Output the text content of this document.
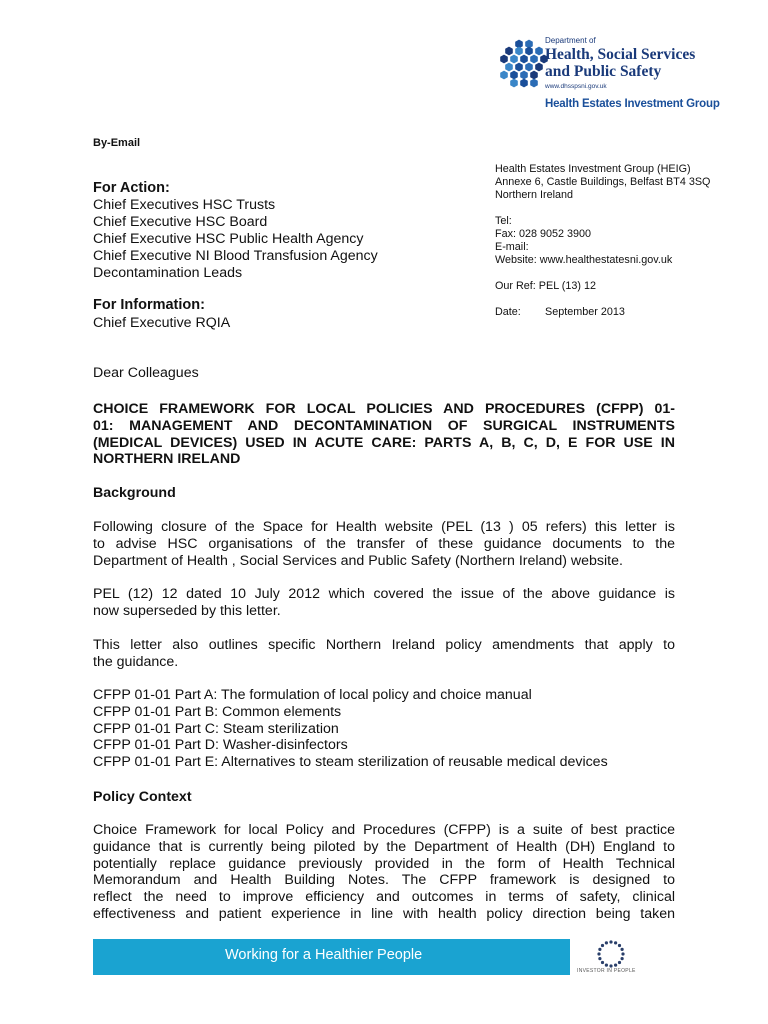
Department of
Health, Social Services
and Public Safety
www.dhsspsni.gov.uk
Health Estates Investment Group
By-Email
Health Estates Investment Group (HEIG)
Annexe 6, Castle Buildings, Belfast BT4 3SQ
Northern Ireland
Tel:
Fax: 028 9052 3900
E-mail:
Website: www.healthestatesni.gov.uk
Our Ref: PEL (13) 12
Date: September 2013
For Action:
Chief Executives HSC Trusts
Chief Executive HSC Board
Chief Executive HSC Public Health Agency
Chief Executive NI Blood Transfusion Agency
Decontamination Leads
For Information:
Chief Executive RQIA
Dear Colleagues
CHOICE FRAMEWORK FOR LOCAL POLICIES AND PROCEDURES (CFPP) 01-
01: MANAGEMENT AND DECONTAMINATION OF SURGICAL INSTRUMENTS
(MEDICAL DEVICES) USED IN ACUTE CARE: PARTS A, B, C, D, E FOR USE IN
NORTHERN IRELAND
Background
Following closure of the Space for Health website (PEL (13 ) 05 refers) this letter is
to advise HSC organisations of the transfer of these guidance documents to the
Department of Health , Social Services and Public Safety (Northern Ireland) website.
PEL (12) 12 dated 10 July 2012 which covered the issue of the above guidance is
now superseded by this letter.
This letter also outlines specific Northern Ireland policy amendments that apply to
the guidance.
CFPP 01-01 Part A: The formulation of local policy and choice manual
CFPP 01-01 Part B: Common elements
CFPP 01-01 Part C: Steam sterilization
CFPP 01-01 Part D: Washer-disinfectors
CFPP 01-01 Part E: Alternatives to steam sterilization of reusable medical devices
Policy Context
Choice Framework for local Policy and Procedures (CFPP) is a suite of best practice
guidance that is currently being piloted by the Department of Health (DH) England to
potentially replace guidance previously provided in the form of Health Technical
Memorandum and Health Building Notes. The CFPP framework is designed to
reflect the need to improve efficiency and outcomes in terms of safety, clinical
effectiveness and patient experience in line with health policy direction being taken
Working for a Healthier People
INVESTOR IN PEOPLE
